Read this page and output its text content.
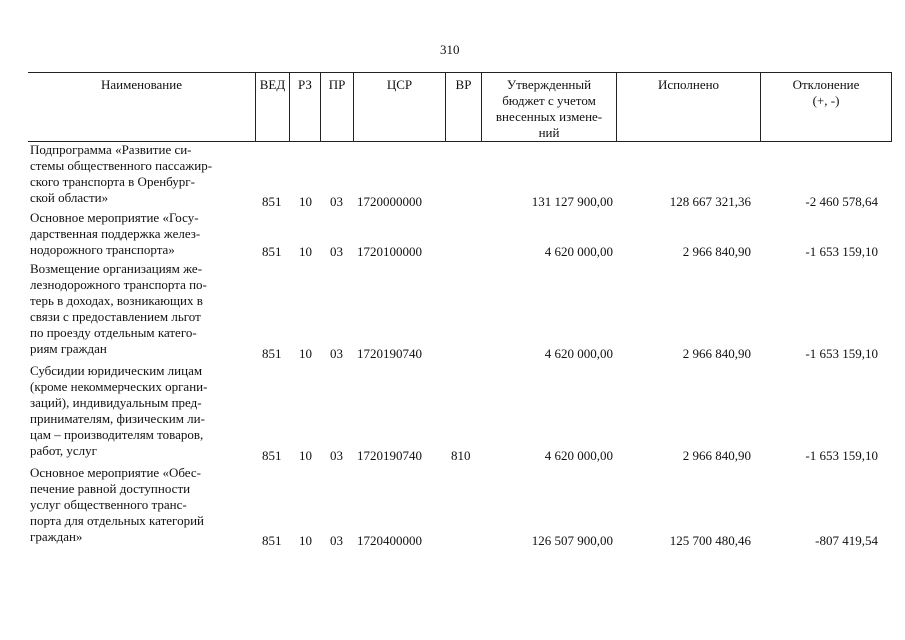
310
Наименование	ВЕД РЗ	ПР	ЦСР	ВР	Утвержденный
бюджет с учетом
внесенных измене-
ний
Исполнено	Отклонение
(+, -)
Подпрограмма «Развитие си-
стемы общественного пассажир-
ского транспорта в Оренбург-
ской области»	851 10 03 1720000000	131 127 900,00	128 667 321,36	-2 460 578,64
Основное мероприятие «Госу-
дарственная поддержка желез-
нодорожного транспорта»	851 10 03 1720100000	4 620 000,00	2 966 840,90	-1 653 159,10
Возмещение организациям же-
лезнодорожного транспорта по-
терь в доходах, возникающих в
связи с предоставлением льгот
по проезду отдельным катего-
риям граждан	851 10 03 1720190740	4 620 000,00	2 966 840,90	-1 653 159,10
Субсидии юридическим лицам
(кроме некоммерческих органи-
заций), индивидуальным пред-
принимателям, физическим ли-
цам – производителям товаров,
работ, услуг	851 10 03 1720190740 810	4 620 000,00	2 966 840,90	-1 653 159,10
Основное мероприятие «Обес-
печение равной доступности
услуг общественного транс-
порта для отдельных категорий
граждан»	851 10 03 1720400000	126 507 900,00	125 700 480,46	-807 419,54
